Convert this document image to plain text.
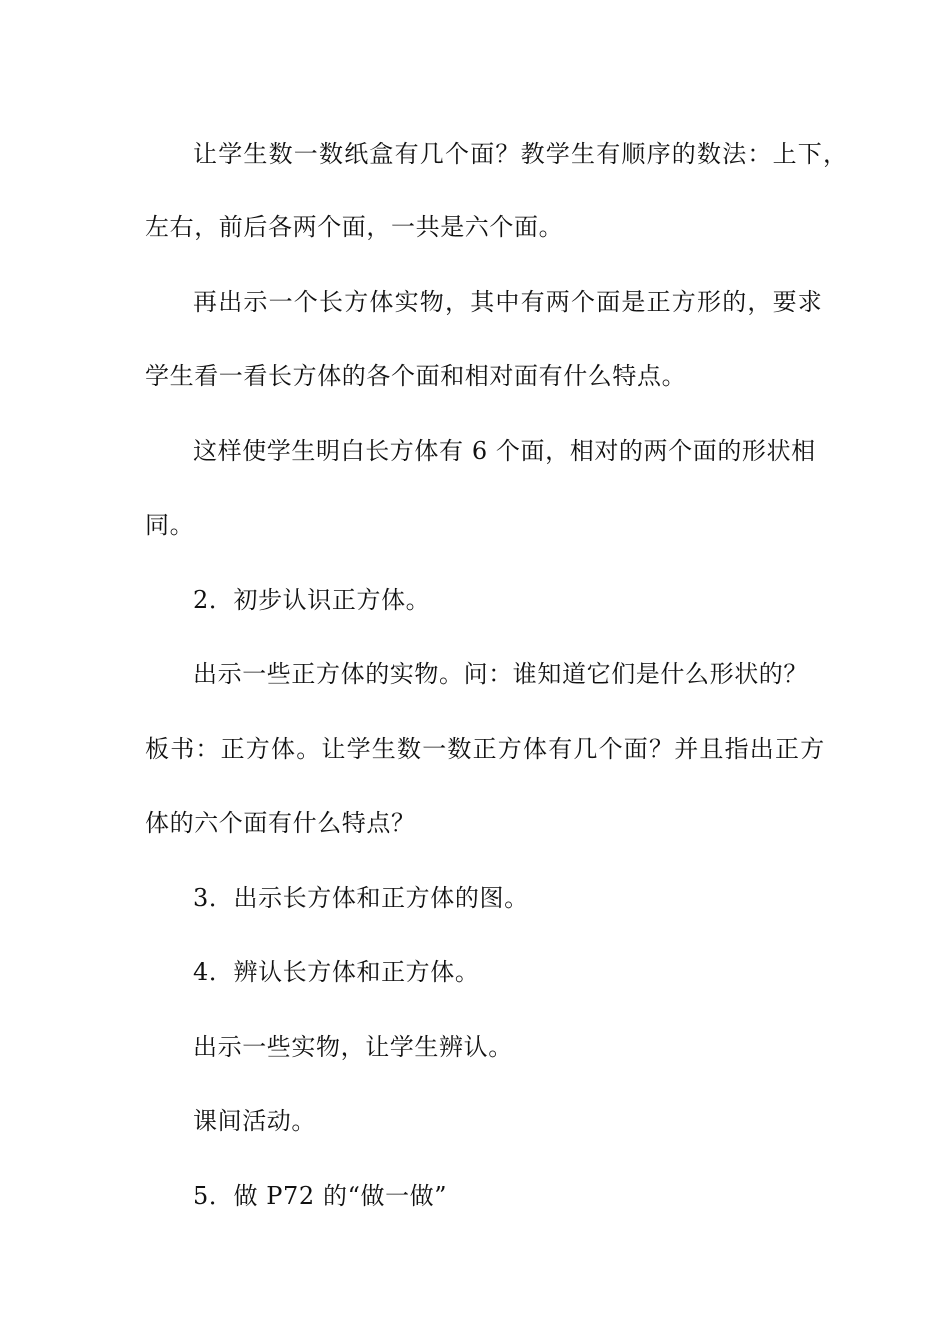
让学生数一数纸盒有几个面？教学生有顺序的数法：上下，
左右，前后各两个面，一共是六个面。
再出示一个长方体实物，其中有两个面是正方形的，要求
学生看一看长方体的各个面和相对面有什么特点。
这样使学生明白长方体有 6 个面，相对的两个面的形状相
同。
2．初步认识正方体。
出示一些正方体的实物。问：谁知道它们是什么形状的？
板书：正方体。让学生数一数正方体有几个面？并且指出正方
体的六个面有什么特点？
3．出示长方体和正方体的图。
4．辨认长方体和正方体。
出示一些实物，让学生辨认。
课间活动。
5．做 P72 的“做一做”
